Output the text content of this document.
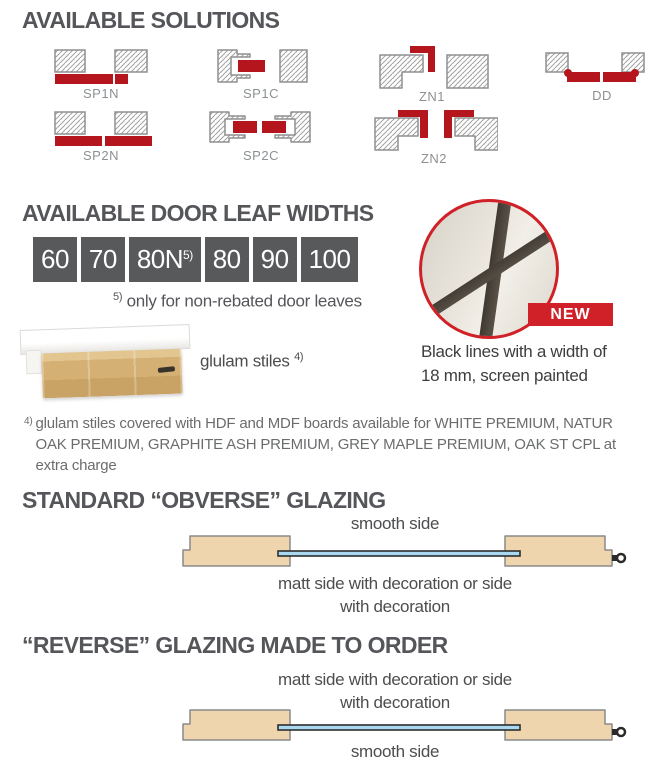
AVAILABLE SOLUTIONS
SP1N
SP2N
SP1C
SP2C
ZN1
ZN2
DD
AVAILABLE DOOR LEAF WIDTHS
60 70 80N 5) 80 90 100
$^{5)}$ only for non-rebated door leaves
glulam stiles $^{4)}$
NEW
Black lines with a width of
18 mm, screen painted
4) glulam stiles covered with HDF and MDF boards available for WHITE PREMIUM, NATUR OAK PREMIUM, GRAPHITE ASH PREMIUM, GREY MAPLE PREMIUM, OAK ST CPL at extra charge
STANDARD “OBVERSE” GLAZING
smooth side
matt side with decoration or side
with decoration
“REVERSE” GLAZING MADE TO ORDER
matt side with decoration or side
with decoration
smooth side
